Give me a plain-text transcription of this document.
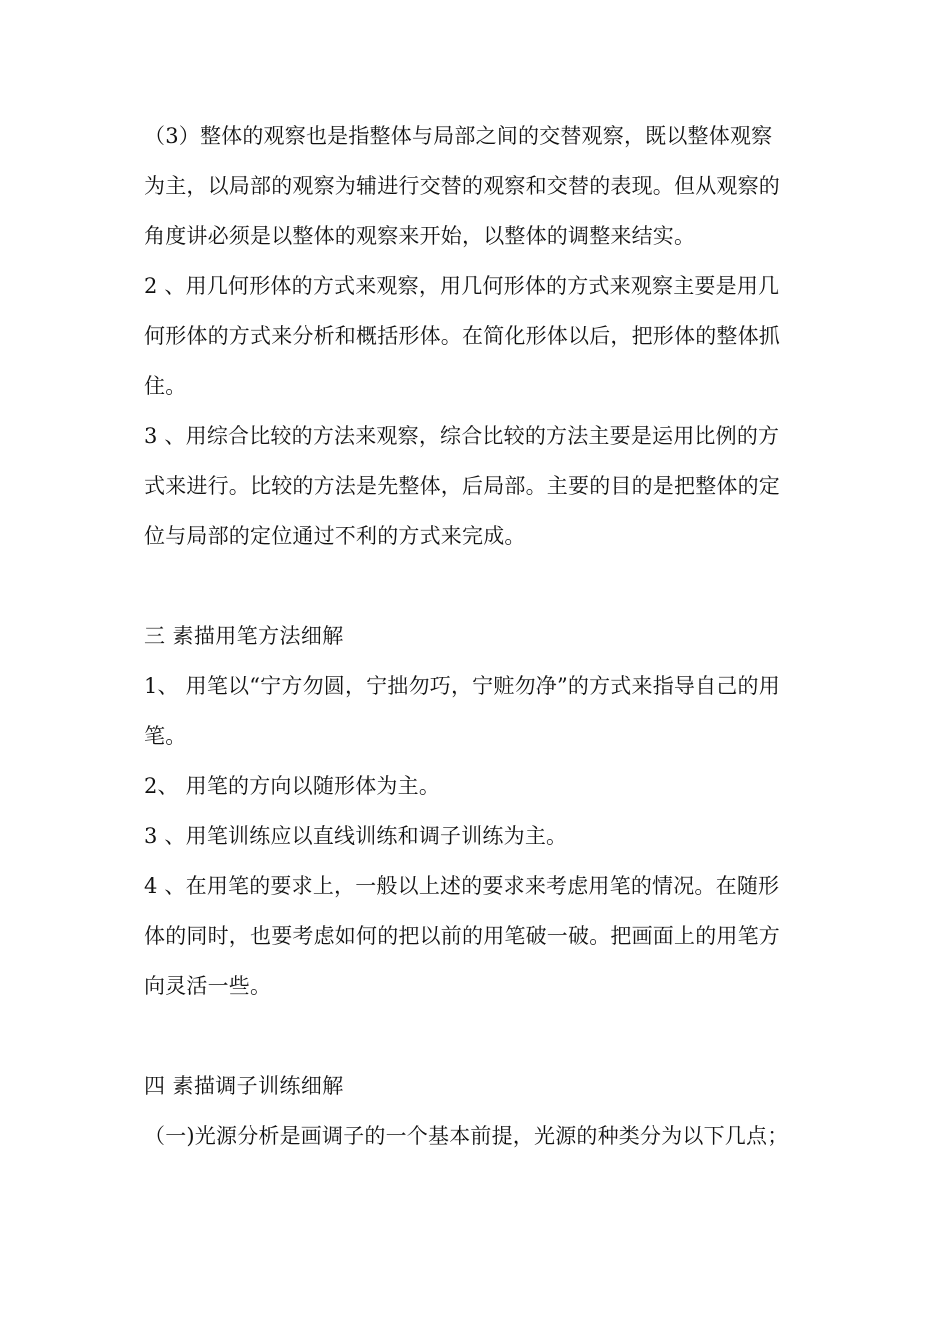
（3）整体的观察也是指整体与局部之间的交替观察，既以整体观察
为主，以局部的观察为辅进行交替的观察和交替的表现。但从观察的
角度讲必须是以整体的观察来开始，以整体的调整来结实。
2 、用几何形体的方式来观察，用几何形体的方式来观察主要是用几
何形体的方式来分析和概括形体。在简化形体以后，把形体的整体抓
住。
3 、用综合比较的方法来观察，综合比较的方法主要是运用比例的方
式来进行。比较的方法是先整体，后局部。主要的目的是把整体的定
位与局部的定位通过不利的方式来完成。
三 素描用笔方法细解
1、 用笔以“宁方勿圆，宁拙勿巧，宁赃勿净”的方式来指导自己的用
笔。
2、 用笔的方向以随形体为主。
3 、用笔训练应以直线训练和调子训练为主。
4 、在用笔的要求上，一般以上述的要求来考虑用笔的情况。在随形
体的同时，也要考虑如何的把以前的用笔破一破。把画面上的用笔方
向灵活一些。
四 素描调子训练细解
（一)光源分析是画调子的一个基本前提，光源的种类分为以下几点；
